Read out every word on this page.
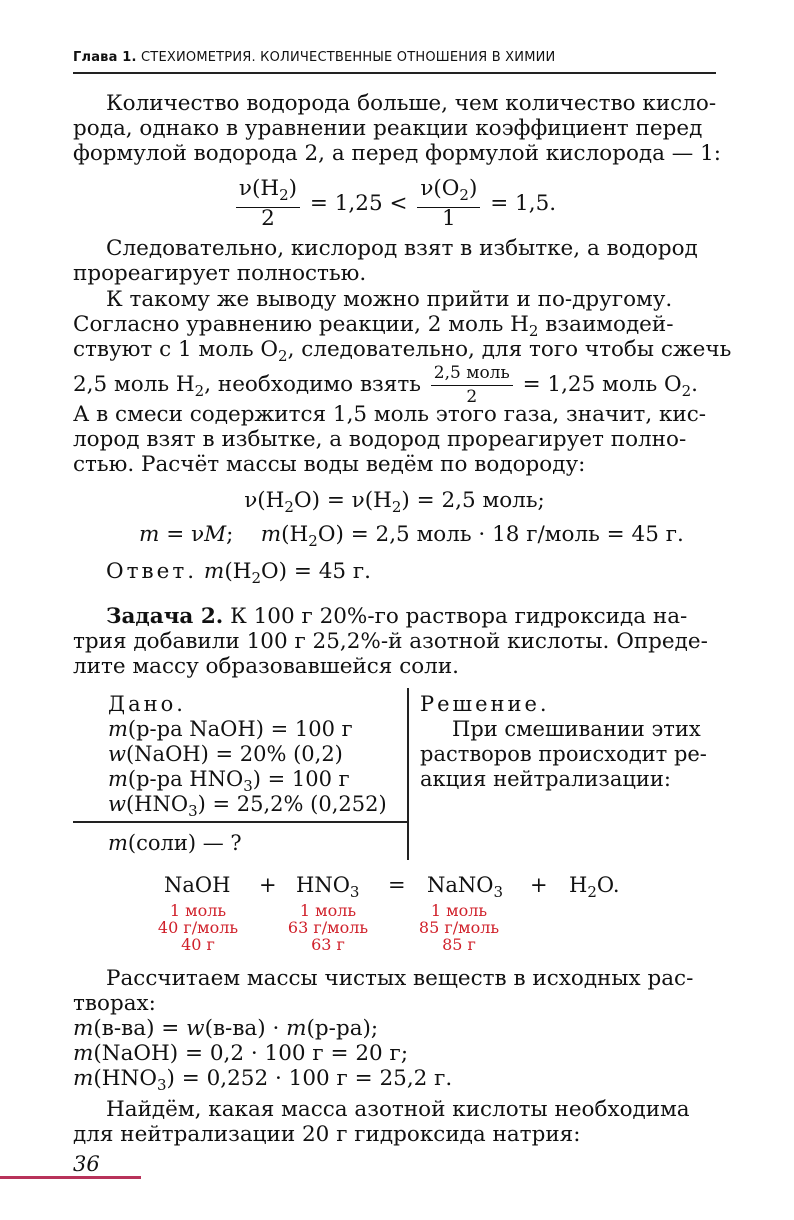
Глава 1. СТЕХИОМЕТРИЯ. КОЛИЧЕСТВЕННЫЕ ОТНОШЕНИЯ В ХИМИИ
Количество водорода больше, чем количество кисло-
рода, однако в уравнении реакции коэффициент перед
формулой водорода 2, а перед формулой кислорода — 1:
$\frac{\nu(H_2)}{2} = 1,25 < \frac{\nu(O_2)}{1} = 1,5$.
Следовательно, кислород взят в избытке, а водород
прореагирует полностью.
К такому же выводу можно прийти и по-другому.
Согласно уравнению реакции, 2 моль $H_2$ взаимодей-
ствуют с 1 моль $O_2$, следовательно, для того чтобы сжечь
2,5 моль $H_2$, необходимо взять $\frac{\text{2,5 моль}}{2} = 1,25$ моль $O_2$.
А в смеси содержится 1,5 моль этого газа, значит, кис-
лород взят в избытке, а водород прореагирует полно-
стью. Расчёт массы воды ведём по водороду:
$\nu(H_2O) = \nu(H_2) = 2,5$ моль;
m = νM; $m(H_2O) = 2,5$ моль · 18 г/моль = 45 г.
Ответ. $m(H_2O) = 45$ г.
Задача 2. К 100 г 20%-го раствора гидроксида на-
трия добавили 100 г 25,2%-й азотной кислоты. Опреде-
лите массу образовавшейся соли.
Дано.
m(р-ра NaOH) = 100 г
w(NaOH) = 20% (0,2)
m(р-ра $HNO_3) = 100$ г
$w(HNO_3) = 25,2\%$ (0,252)
m(соли) — ?
Решение.
При смешивании этих
растворов происходит ре-
акция нейтрализации:
NaOH + $HNO_3$ = NaNO$_3$ + $H_2O$.
1 моль
40 г/моль
40 г
1 моль
63 г/моль
63 г
1 моль
85 г/моль
85 г
Рассчитаем массы чистых веществ в исходных рас-
творах:
m(в-ва) = w(в-ва) · m(р-ра);
m(NaOH) = 0,2 · 100 г = 20 г;
$m(HNO_3) = 0,252 \cdot 100$ г = 25,2 г.
Найдём, какая масса азотной кислоты необходима
для нейтрализации 20 г гидроксида натрия:
36
